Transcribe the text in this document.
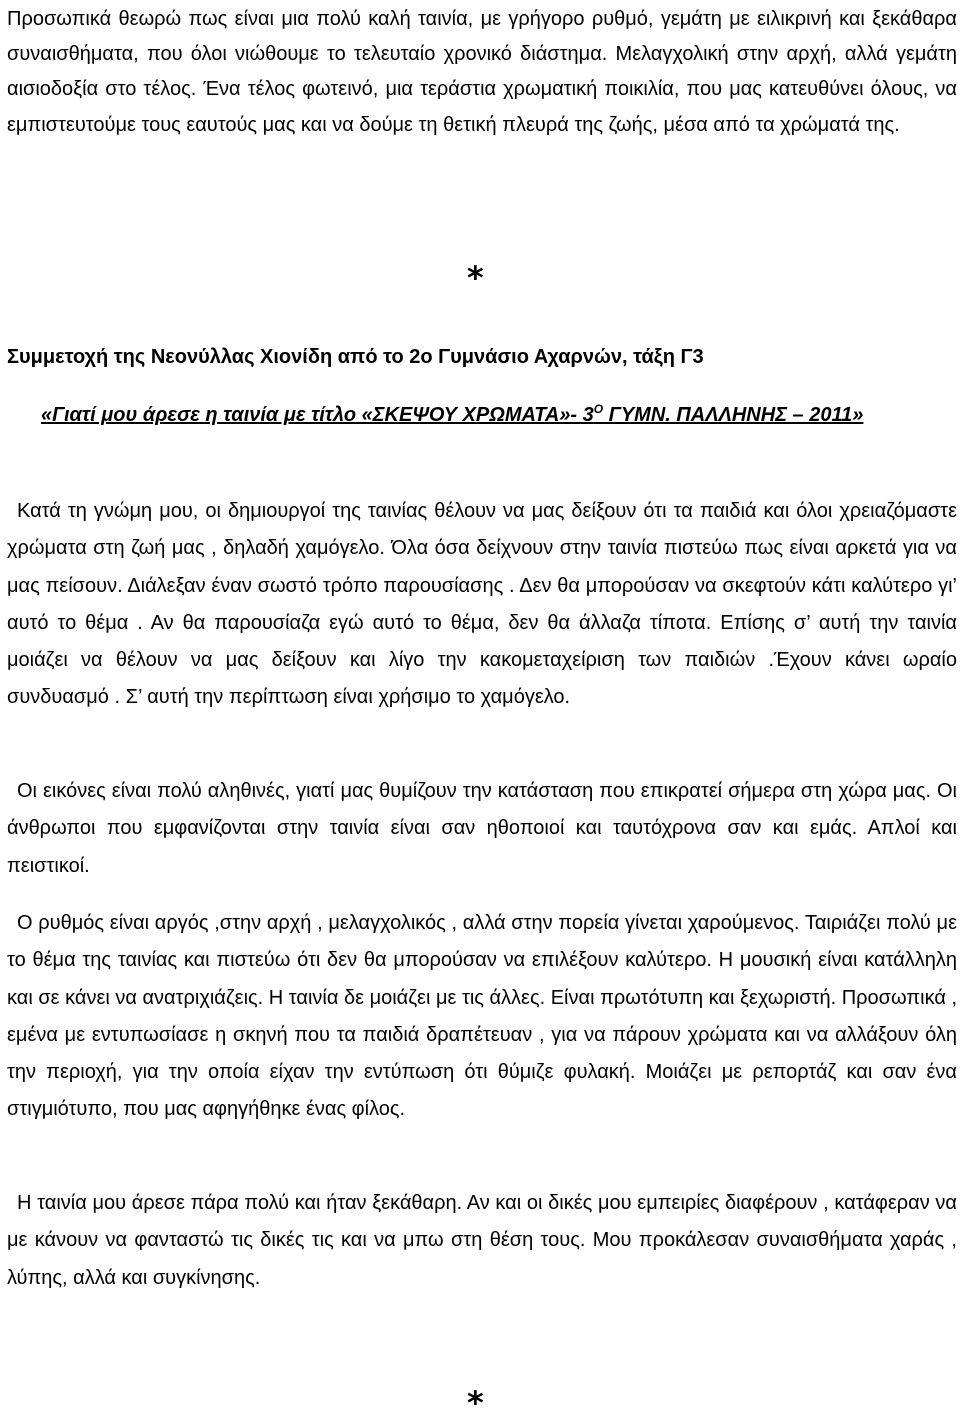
Προσωπικά θεωρώ πως είναι μια πολύ καλή ταινία, με γρήγορο ρυθμό, γεμάτη με ειλικρινή και ξεκάθαρα συναισθήματα, που όλοι νιώθουμε το τελευταίο χρονικό διάστημα. Μελαγχολική στην αρχή, αλλά γεμάτη αισιοδοξία στο τέλος. Ένα τέλος φωτεινό, μια τεράστια χρωματική ποικιλία, που μας κατευθύνει όλους, να εμπιστευτούμε τους εαυτούς μας και να δούμε τη θετική πλευρά της ζωής, μέσα από τα χρώματά της.

*

Συμμετοχή της Νεονύλλας Χιονίδη από το 2ο Γυμνάσιο Αχαρνών, τάξη Γ3

«Γιατί μου άρεσε η ταινία με τίτλο «ΣΚΕΨΟΥ ΧΡΩΜΑΤΑ»- $3^O$ ΓΥΜΝ. ΠΑΛΛΗΝΗΣ – 2011»

Κατά τη γνώμη μου, οι δημιουργοί της ταινίας θέλουν να μας δείξουν ότι τα παιδιά και όλοι χρειαζόμαστε χρώματα στη ζωή μας , δηλαδή χαμόγελο. Όλα όσα δείχνουν στην ταινία πιστεύω πως είναι αρκετά για να μας πείσουν. Διάλεξαν έναν σωστό τρόπο παρουσίασης . Δεν θα μπορούσαν να σκεφτούν κάτι καλύτερο γι’ αυτό το θέμα . Αν θα παρουσίαζα εγώ αυτό το θέμα, δεν θα άλλαζα τίποτα. Επίσης σ’ αυτή την ταινία μοιάζει να θέλουν να μας δείξουν και λίγο την κακομεταχείριση των παιδιών .Έχουν κάνει ωραίο συνδυασμό . Σ’ αυτή την περίπτωση είναι χρήσιμο το χαμόγελο.

Οι εικόνες είναι πολύ αληθινές, γιατί μας θυμίζουν την κατάσταση που επικρατεί σήμερα στη χώρα μας. Οι άνθρωποι που εμφανίζονται στην ταινία είναι σαν ηθοποιοί και ταυτόχρονα σαν και εμάς. Απλοί και πειστικοί.

Ο ρυθμός είναι αργός ,στην αρχή , μελαγχολικός , αλλά στην πορεία γίνεται χαρούμενος. Ταιριάζει πολύ με το θέμα της ταινίας και πιστεύω ότι δεν θα μπορούσαν να επιλέξουν καλύτερο. Η μουσική είναι κατάλληλη και σε κάνει να ανατριχιάζεις. Η ταινία δε μοιάζει με τις άλλες. Είναι πρωτότυπη και ξεχωριστή. Προσωπικά , εμένα με εντυπωσίασε η σκηνή που τα παιδιά δραπέτευαν , για να πάρουν χρώματα και να αλλάξουν όλη την περιοχή, για την οποία είχαν την εντύπωση ότι θύμιζε φυλακή. Μοιάζει με ρεπορτάζ και σαν ένα στιγμιότυπο, που μας αφηγήθηκε ένας φίλος.

Η ταινία μου άρεσε πάρα πολύ και ήταν ξεκάθαρη. Αν και οι δικές μου εμπειρίες διαφέρουν , κατάφεραν να με κάνουν να φανταστώ τις δικές τις και να μπω στη θέση τους. Μου προκάλεσαν συναισθήματα χαράς , λύπης, αλλά και συγκίνησης.

*
